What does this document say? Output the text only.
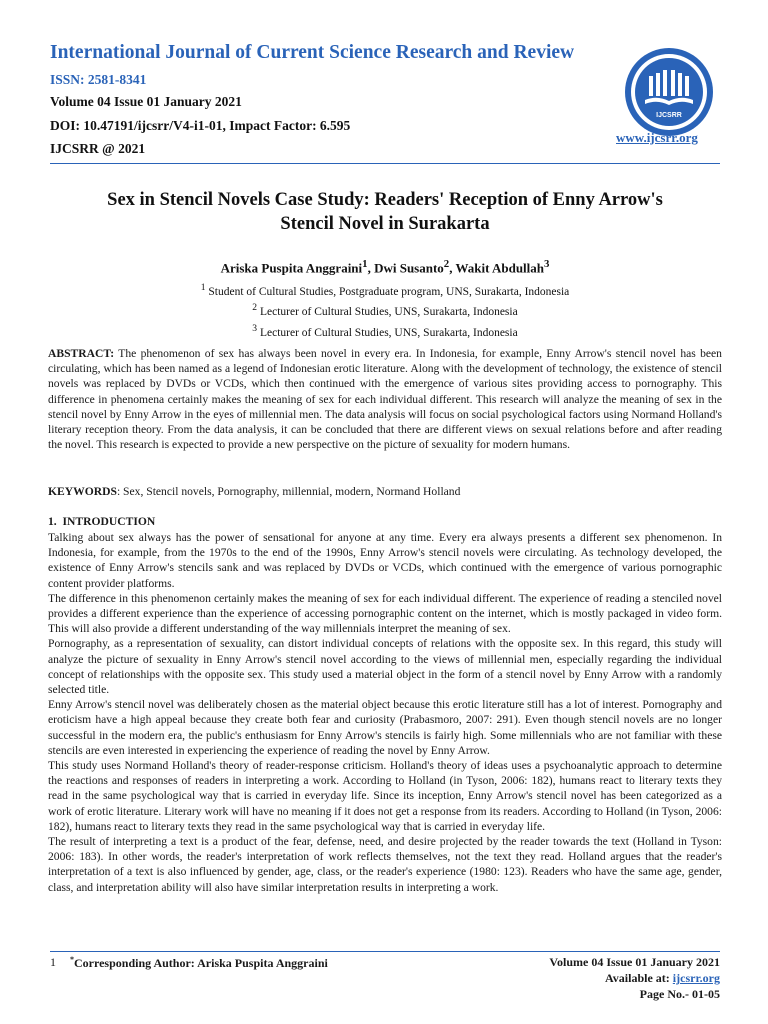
International Journal of Current Science Research and Review
ISSN: 2581-8341
Volume 04 Issue 01 January 2021
DOI: 10.47191/ijcsrr/V4-i1-01, Impact Factor: 6.595
IJCSRR @ 2021
IJCSRR
www.ijcsrr.org
Sex in Stencil Novels Case Study: Readers' Reception of Enny Arrow's
Stencil Novel in Surakarta
Ariska Puspita Anggraini$^1$, Dwi Susanto$^2$, Wakit Abdullah$^3$
$^1$ Student of Cultural Studies, Postgraduate program, UNS, Surakarta, Indonesia
$^2$ Lecturer of Cultural Studies, UNS, Surakarta, Indonesia
$^3$ Lecturer of Cultural Studies, UNS, Surakarta, Indonesia
ABSTRACT: The phenomenon of sex has always been novel in every era. In Indonesia, for example, Enny Arrow's stencil novel has been circulating, which has been named as a legend of Indonesian erotic literature. Along with the development of technology, the existence of stencil novels was replaced by DVDs or VCDs, which then continued with the emergence of various sites providing access to pornography. This difference in phenomena certainly makes the meaning of sex for each individual different. This research will analyze the meaning of sex in the stencil novel by Enny Arrow in the eyes of millennial men. The data analysis will focus on social psychological factors using Normand Holland's literary reception theory. From the data analysis, it can be concluded that there are different views on sexual relations before and after reading the novel. This research is expected to provide a new perspective on the picture of sexuality for modern humans.
KEYWORDS: Sex, Stencil novels, Pornography, millennial, modern, Normand Holland
1.  INTRODUCTION

Talking about sex always has the power of sensational for anyone at any time. Every era always presents a different sex phenomenon. In Indonesia, for example, from the 1970s to the end of the 1990s, Enny Arrow's stencil novels were circulating. As technology developed, the existence of Enny Arrow's stencils sank and was replaced by DVDs or VCDs, which continued with the emergence of various pornographic content provider platforms.

The difference in this phenomenon certainly makes the meaning of sex for each individual different. The experience of reading a stenciled novel provides a different experience than the experience of accessing pornographic content on the internet, which is mostly packaged in video form. This will also provide a different understanding of the way millennials interpret the meaning of sex.

Pornography, as a representation of sexuality, can distort individual concepts of relations with the opposite sex. In this regard, this study will analyze the picture of sexuality in Enny Arrow's stencil novel according to the views of millennial men, especially regarding the individual concept of relationships with the opposite sex. This study used a material object in the form of a stencil novel by Enny Arrow with a randomly selected title.

Enny Arrow's stencil novel was deliberately chosen as the material object because this erotic literature still has a lot of interest. Pornography and eroticism have a high appeal because they create both fear and curiosity (Prabasmoro, 2007: 291). Even though stencil novels are no longer successful in the modern era, the public's enthusiasm for Enny Arrow's stencils is fairly high. Some millennials who are not familiar with these stencils are even interested in experiencing the experience of reading the novel by Enny Arrow.

This study uses Normand Holland's theory of reader-response criticism. Holland's theory of ideas uses a psychoanalytic approach to determine the reactions and responses of readers in interpreting a work. According to Holland (in Tyson, 2006: 182), humans react to literary texts they read in the same psychological way that is carried in everyday life. Since its inception, Enny Arrow's stencil novel has been categorized as a work of erotic literature. Literary work will have no meaning if it does not get a response from its readers. According to Holland (in Tyson, 2006: 182), humans react to literary texts they read in the same psychological way that is carried in everyday life.

The result of interpreting a text is a product of the fear, defense, need, and desire projected by the reader towards the text (Holland in Tyson: 2006: 183). In other words, the reader's interpretation of work reflects themselves, not the text they read. Holland argues that the reader's interpretation of a text is also influenced by gender, age, class, or the reader's experience (1980: 123). Readers who have the same age, gender, class, and interpretation ability will also have similar interpretation results in interpreting a work.

1 *Corresponding Author: Ariska Puspita Anggraini	Volume 04 Issue 01 January 2021
Available at: ijcsrr.org
Page No.- 01-05
